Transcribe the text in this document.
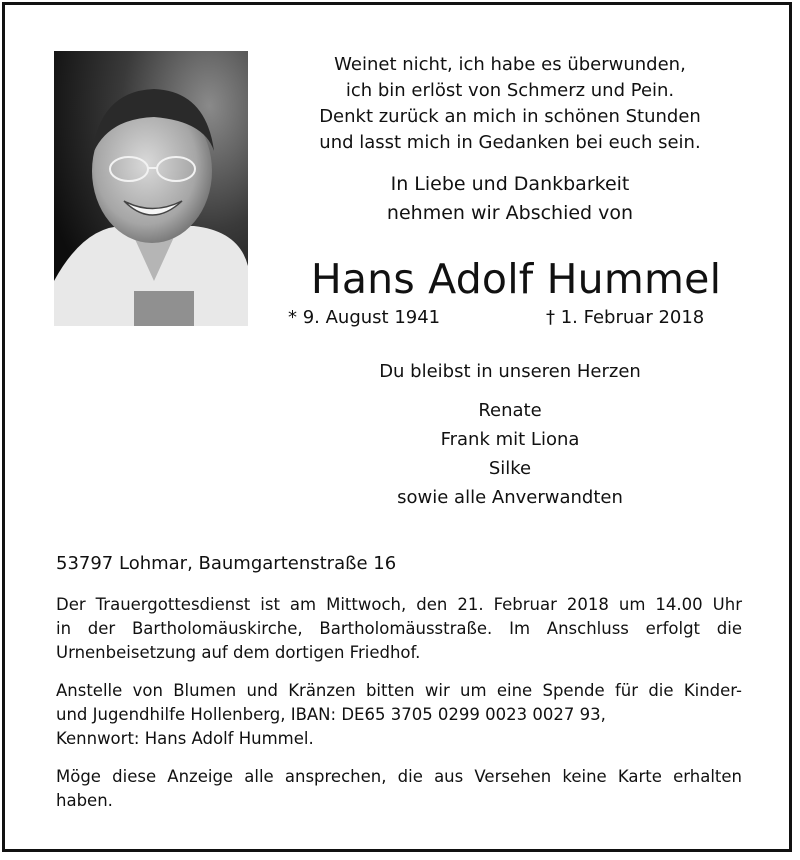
Weinet nicht, ich habe es überwunden,
ich bin erlöst von Schmerz und Pein.
Denkt zurück an mich in schönen Stunden
und lasst mich in Gedanken bei euch sein.
In Liebe und Dankbarkeit
nehmen wir Abschied von
Hans Adolf Hummel
* 9. August 1941	† 1. Februar 2018
Du bleibst in unseren Herzen
Renate
Frank mit Liona
Silke
sowie alle Anverwandten
53797 Lohmar, Baumgartenstraße 16
Der Trauergottesdienst ist am Mittwoch, den 21. Februar 2018 um 14.00 Uhr
in der Bartholomäuskirche, Bartholomäusstraße. Im Anschluss erfolgt die
Urnenbeisetzung auf dem dortigen Friedhof.
Anstelle von Blumen und Kränzen bitten wir um eine Spende für die Kinder-
und Jugendhilfe Hollenberg, IBAN: DE65 3705 0299 0023 0027 93,
Kennwort: Hans Adolf Hummel.
Möge diese Anzeige alle ansprechen, die aus Versehen keine Karte erhalten
haben.
